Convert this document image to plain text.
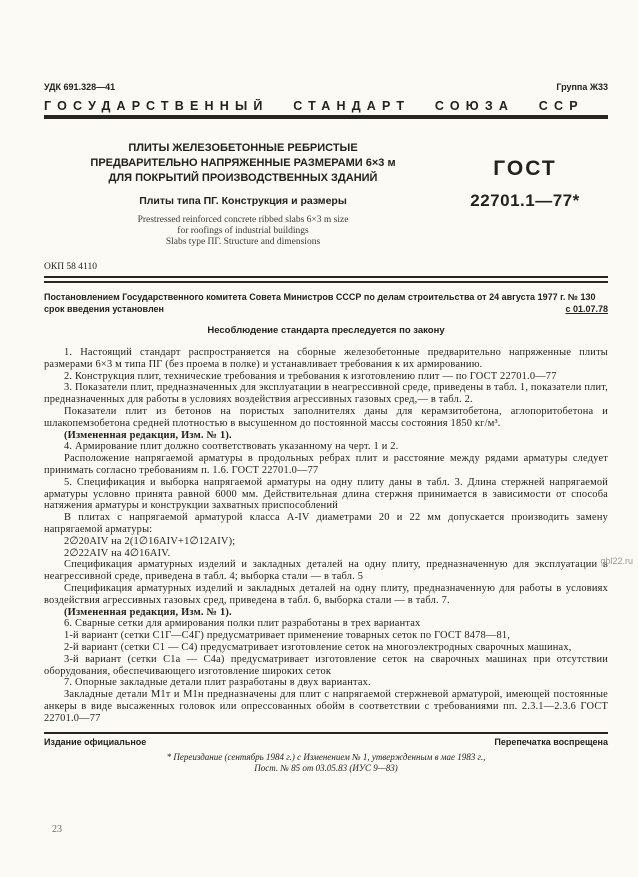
УДК 691.328—41	Группа Ж33
ГОСУДАРСТВЕННЫЙ СТАНДАРТ СОЮЗА ССР
ПЛИТЫ ЖЕЛЕЗОБЕТОННЫЕ РЕБРИСТЫЕ
ПРЕДВАРИТЕЛЬНО НАПРЯЖЕННЫЕ РАЗМЕРАМИ 6×3 м
ДЛЯ ПОКРЫТИЙ ПРОИЗВОДСТВЕННЫХ ЗДАНИЙ
Плиты типа ПГ. Конструкция и размеры
Prestressed reinforced concrete ribbed slabs 6×3 m size
for roofings of industrial buildings
Slabs type ПГ. Structure and dimensions
ГОСТ
22701.1—77*
ОКП 58 4110
Постановлением Государственного комитета Совета Министров СССР по делам строительства от 24 августа 1977 г. № 130
срок введения установлен	с 01.07.78
Несоблюдение стандарта преследуется по закону

1. Настоящий стандарт распространяется на сборные железобетонные предварительно напряженные плиты размерами 6×3 м типа ПГ (без проема в полке) и устанавливает требования к их армированию.

2. Конструкция плит, технические требования и требования к изготовлению плит — по ГОСТ 22701.0—77

3. Показатели плит, предназначенных для эксплуатации в неагрессивной среде, приведены в табл. 1, показатели плит, предназначенных для работы в условиях воздействия агрессивных газовых сред,— в табл. 2.

Показатели плит из бетонов на пористых заполнителях даны для керамзитобетона, аглопоритобетона и шлакопемзобетона средней плотностью в высушенном до постоянной массы состояния 1850 кг/м³.

(Измененная редакция, Изм. № 1).

4. Армирование плит должно соответствовать указанному на черт. 1 и 2.

Расположение напрягаемой арматуры в продольных ребрах плит и расстояние между рядами арматуры следует принимать согласно требованиям п. 1.6. ГОСТ 22701.0—77

5. Спецификация и выборка напрягаемой арматуры на одну плиту даны в табл. 3. Длина стержней напрягаемой арматуры условно принята равной 6000 мм. Действительная длина стержня принимается в зависимости от способа натяжения арматуры и конструкции захватных приспособлений

В плитах с напрягаемой арматурой класса A-IV диаметрами 20 и 22 мм допускается производить замену напрягаемой арматуры:

2∅20AIV на 2(1∅16AIV+1∅12AIV);

2∅22AIV на 4∅16AIV.

Спецификация арматурных изделий и закладных деталей на одну плиту, предназначенную для эксплуатации в неагрессивной среде, приведена в табл. 4; выборка стали — в табл. 5

Спецификация арматурных изделий и закладных деталей на одну плиту, предназначенную для работы в условиях воздействия агрессивных газовых сред, приведена в табл. 6, выборка стали — в табл. 7.

(Измененная редакция, Изм. № 1).

6. Сварные сетки для армирования полки плит разработаны в трех вариантах

1-й вариант (сетки С1Г—С4Г) предусматривает применение товарных сеток по ГОСТ 8478—81,

2-й вариант (сетки С1 — С4) предусматривает изготовление сеток на многоэлектродных сварочных машинах,

3-й вариант (сетки С1а — С4а) предусматривает изготовление сеток на сварочных машинах при отсутствии оборудования, обеспечивающего изготовление широких сеток

7. Опорные закладные детали плит разработаны в двух вариантах.

Закладные детали М1т и М1н предназначены для плит с напрягаемой стержневой арматурой, имеющей постоянные анкеры в виде высаженных головок или опрессованных обойм в соответствии с требованиями пп. 2.3.1—2.3.6 ГОСТ 22701.0—77

Издание официальное	Перепечатка воспрещена
* Переиздание (сентябрь 1984 г.) с Изменением № 1, утвержденным в мае 1983 г.,
Пост. № 85 от 03.05.83 (ИУС 9—83)
23
gbl22.ru
